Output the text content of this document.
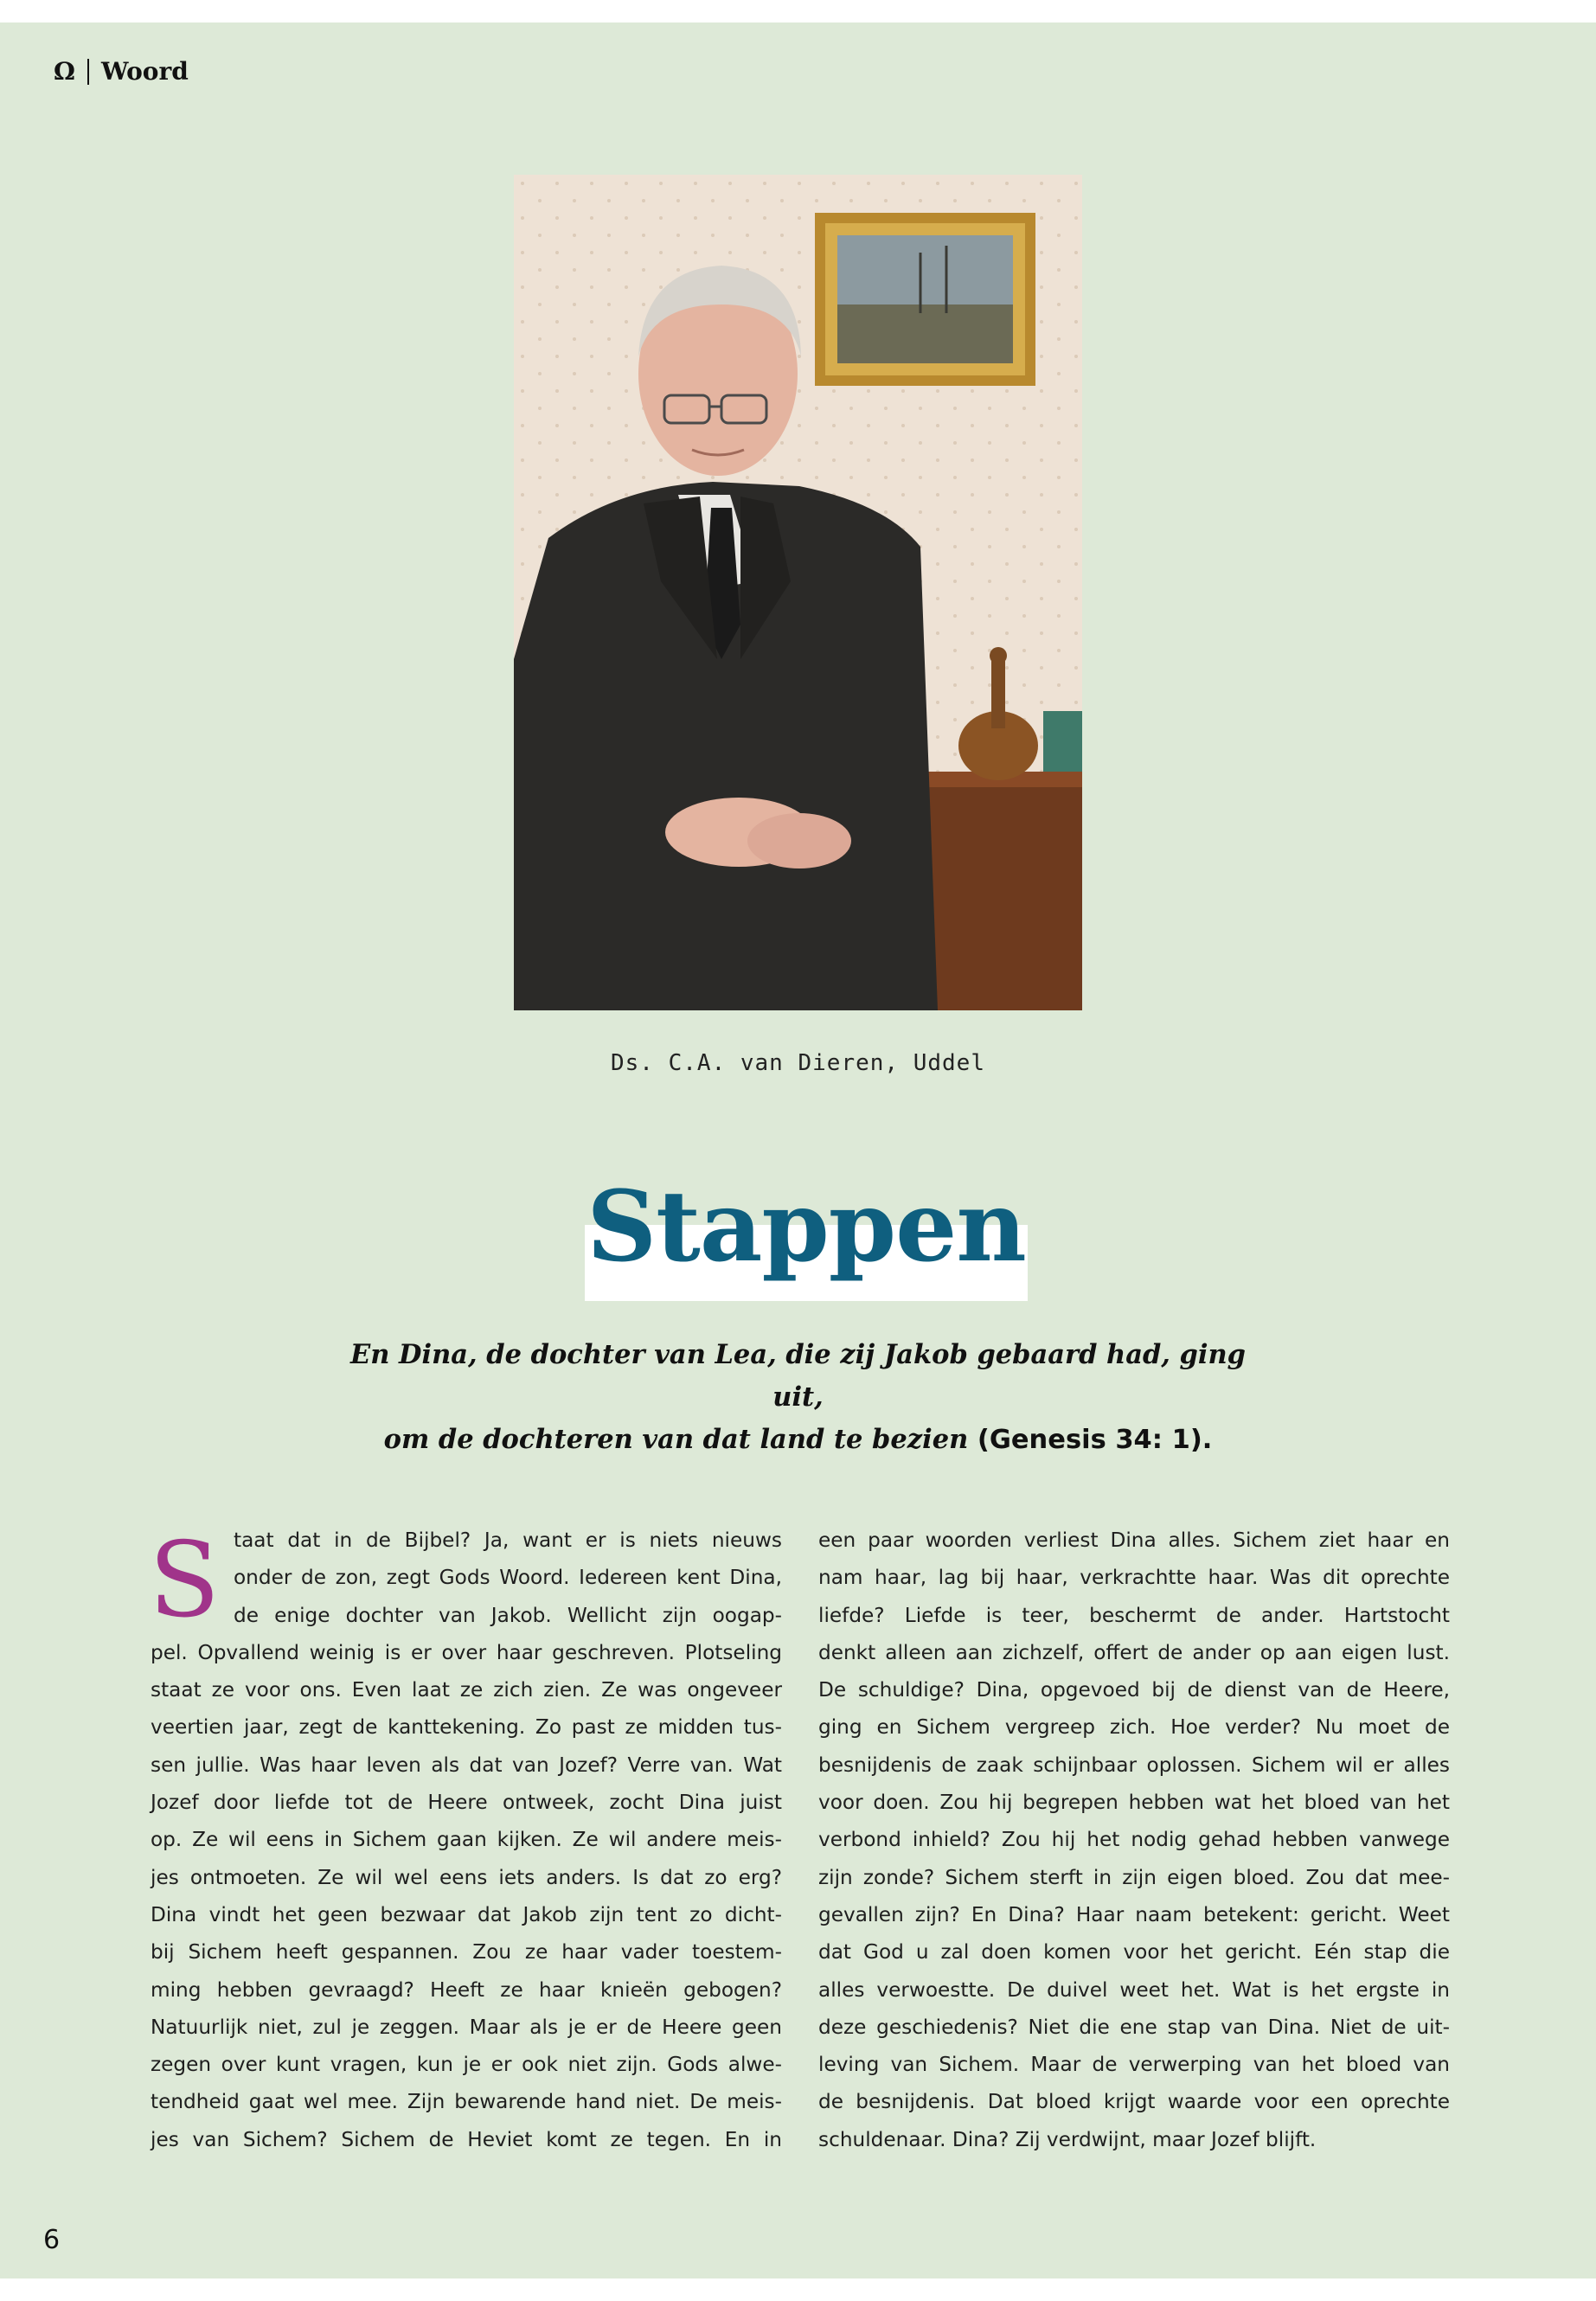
Ω Woord
Ds. C.A. van Dieren, Uddel
Stappen
En Dina, de dochter van Lea, die zij Jakob gebaard had, ging uit,
om de dochteren van dat land te bezien (Genesis 34: 1).
S taat dat in de Bijbel? Ja, want er is niets nieuws
onder de zon, zegt Gods Woord. Iedereen kent Dina,
de enige dochter van Jakob. Wellicht zijn oogap-
pel. Opvallend weinig is er over haar geschreven. Plotseling
staat ze voor ons. Even laat ze zich zien. Ze was ongeveer
veertien jaar, zegt de kanttekening. Zo past ze midden tus-
sen jullie. Was haar leven als dat van Jozef? Verre van. Wat
Jozef door liefde tot de Heere ontweek, zocht Dina juist
op. Ze wil eens in Sichem gaan kijken. Ze wil andere meis-
jes ontmoeten. Ze wil wel eens iets anders. Is dat zo erg?
Dina vindt het geen bezwaar dat Jakob zijn tent zo dicht-
bij Sichem heeft gespannen. Zou ze haar vader toestem-
ming hebben gevraagd? Heeft ze haar knieën gebogen?
Natuurlijk niet, zul je zeggen. Maar als je er de Heere geen
zegen over kunt vragen, kun je er ook niet zijn. Gods alwe-
tendheid gaat wel mee. Zijn bewarende hand niet. De meis-
jes van Sichem? Sichem de Heviet komt ze tegen. En in
een paar woorden verliest Dina alles. Sichem ziet haar en
nam haar, lag bij haar, verkrachtte haar. Was dit oprechte
liefde? Liefde is teer, beschermt de ander. Hartstocht
denkt alleen aan zichzelf, offert de ander op aan eigen lust.
De schuldige? Dina, opgevoed bij de dienst van de Heere,
ging en Sichem vergreep zich. Hoe verder? Nu moet de
besnijdenis de zaak schijnbaar oplossen. Sichem wil er alles
voor doen. Zou hij begrepen hebben wat het bloed van het
verbond inhield? Zou hij het nodig gehad hebben vanwege
zijn zonde? Sichem sterft in zijn eigen bloed. Zou dat mee-
gevallen zijn? En Dina? Haar naam betekent: gericht. Weet
dat God u zal doen komen voor het gericht. Eén stap die
alles verwoestte. De duivel weet het. Wat is het ergste in
deze geschiedenis? Niet die ene stap van Dina. Niet de uit-
leving van Sichem. Maar de verwerping van het bloed van
de besnijdenis. Dat bloed krijgt waarde voor een oprechte
schuldenaar. Dina? Zij verdwijnt, maar Jozef blijft.
6
